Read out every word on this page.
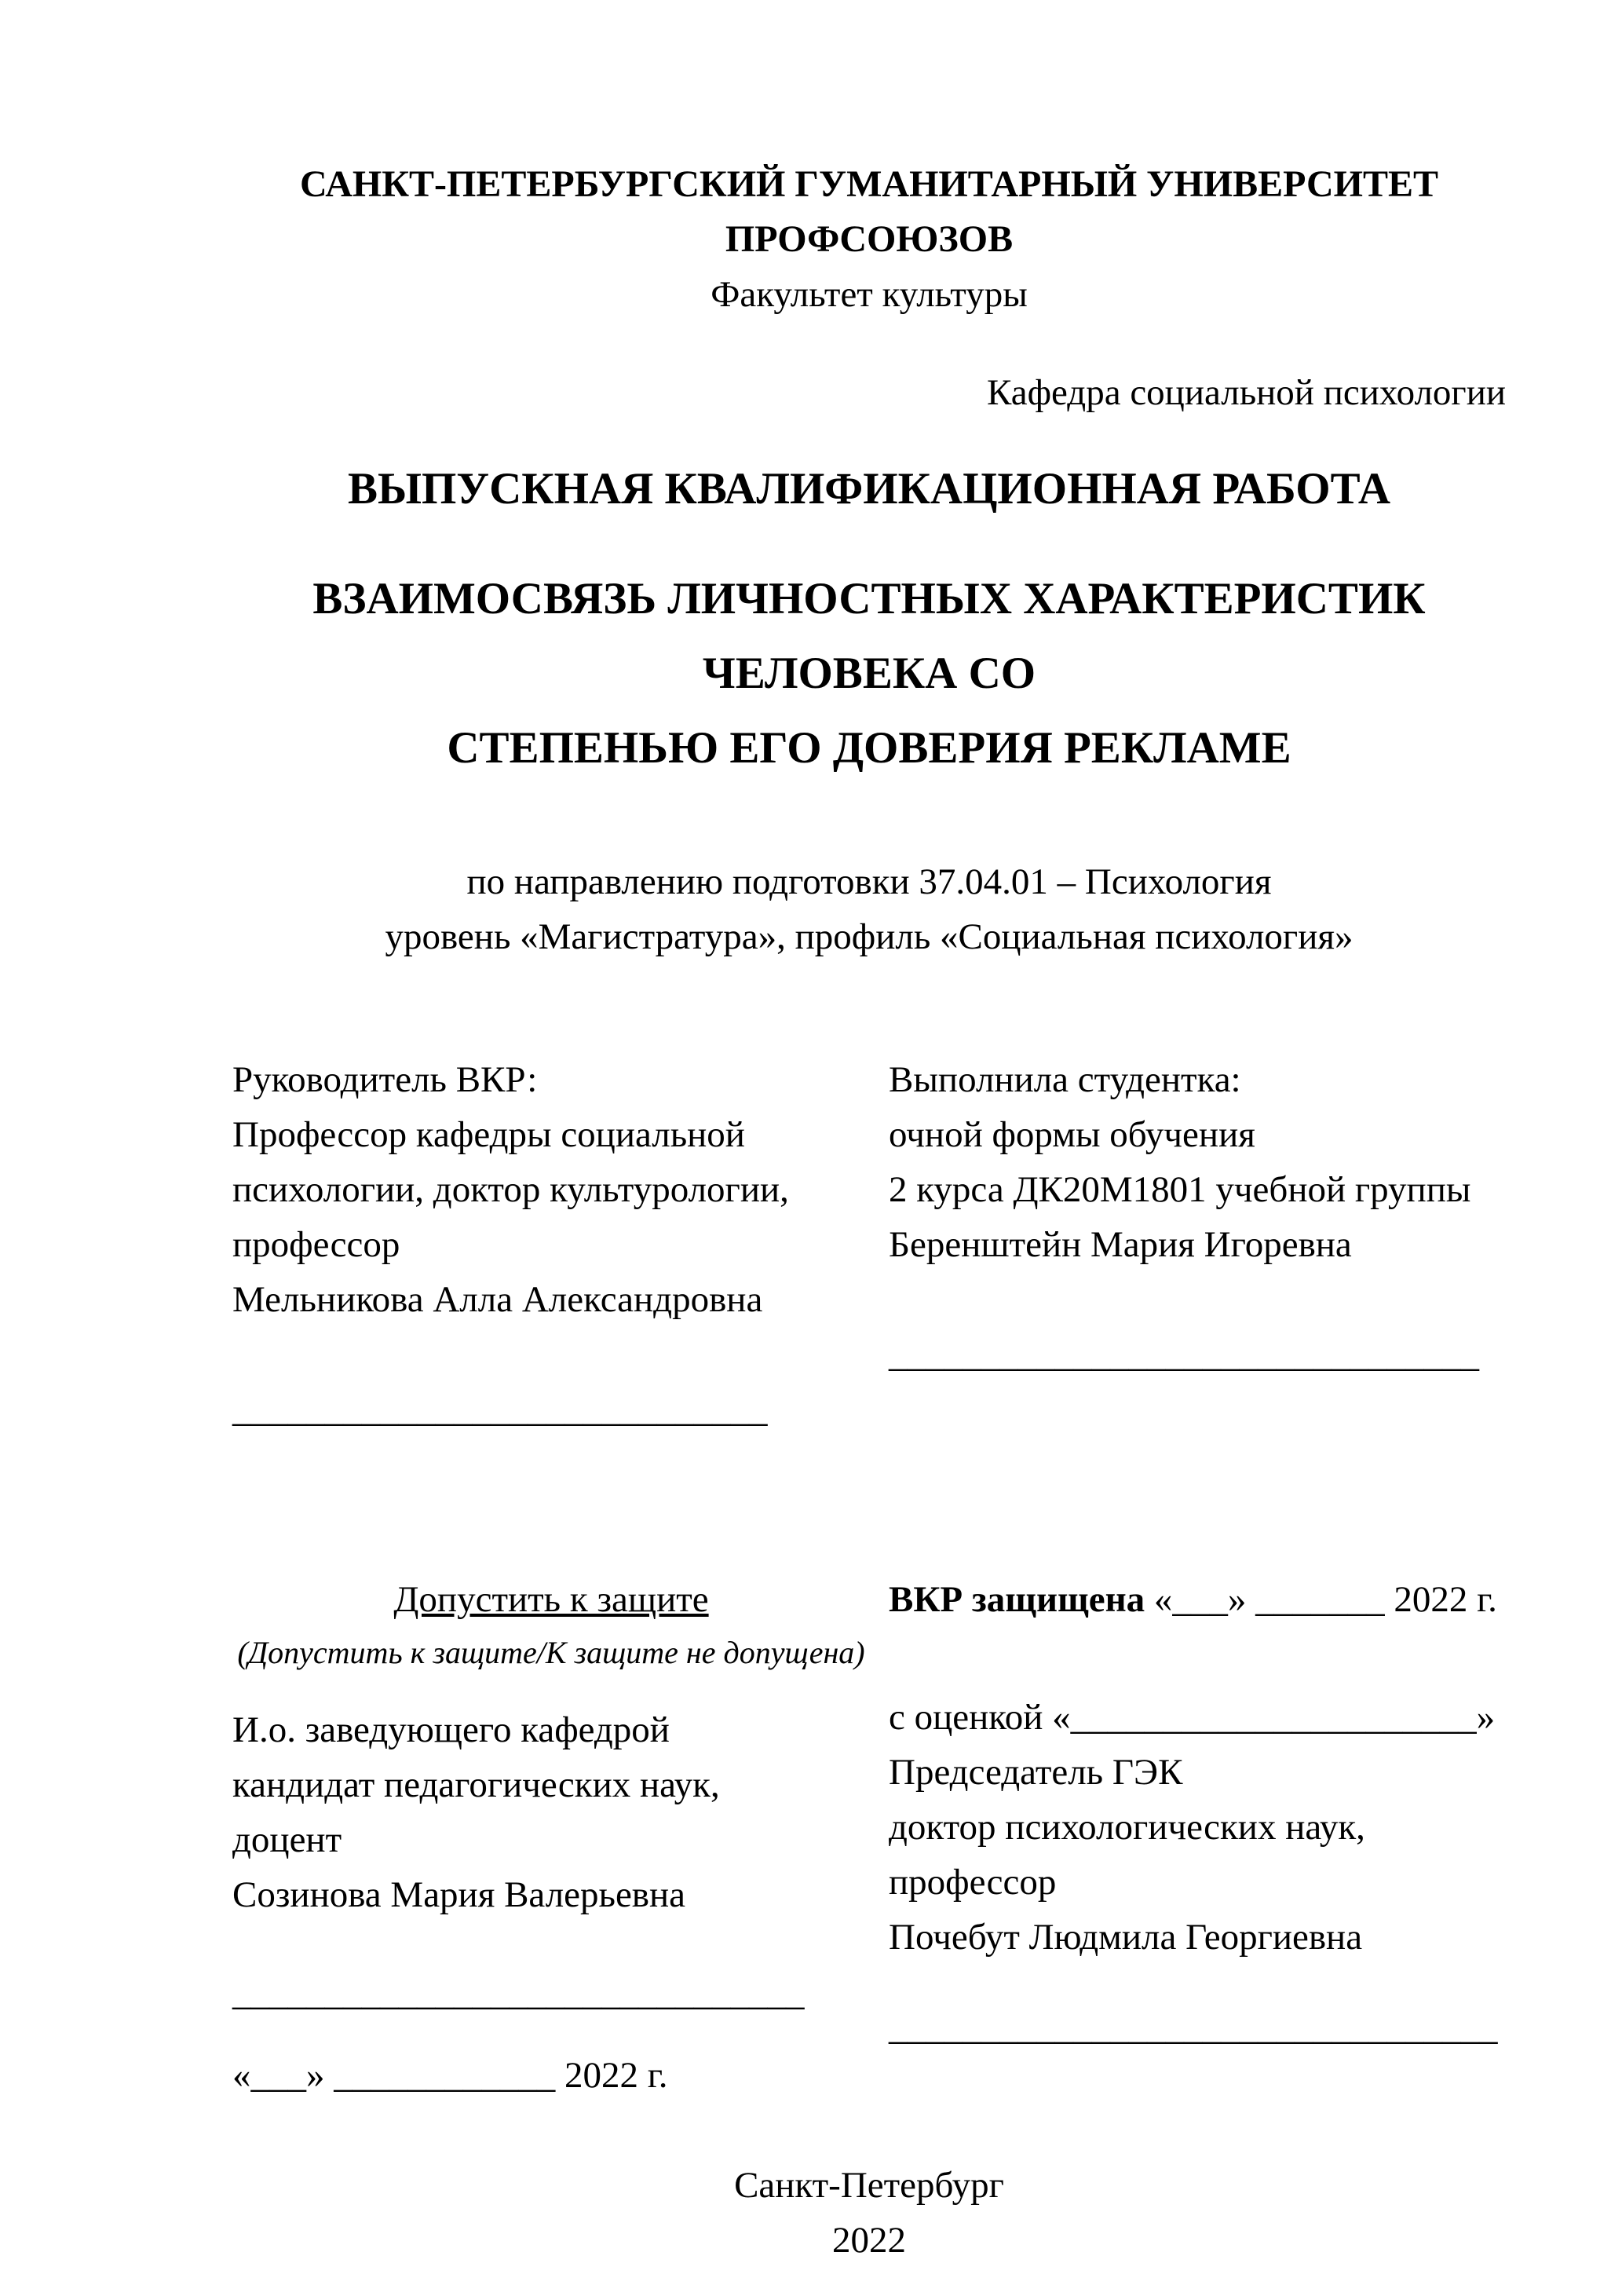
САНКТ-ПЕТЕРБУРГСКИЙ ГУМАНИТАРНЫЙ УНИВЕРСИТЕТ ПРОФСОЮЗОВ
Факультет культуры
Кафедра социальной психологии
ВЫПУСКНАЯ КВАЛИФИКАЦИОННАЯ РАБОТА
ВЗАИМОСВЯЗЬ ЛИЧНОСТНЫХ ХАРАКТЕРИСТИК ЧЕЛОВЕКА СО
СТЕПЕНЬЮ ЕГО ДОВЕРИЯ РЕКЛАМЕ
по направлению подготовки 37.04.01 – Психология
уровень «Магистратура», профиль «Социальная психология»
Руководитель ВКР:
Профессор кафедры социальной
психологии, доктор культурологии,
профессор
Мельникова Алла Александровна
_____________________________
Выполнила студентка:
очной формы обучения
2 курса ДК20М1801 учебной группы
Беренштейн Мария Игоревна
________________________________
Допустить к защите
(Допустить к защите/К защите не допущена)
И.о. заведующего кафедрой
кандидат педагогических наук,
доцент
Созинова Мария Валерьевна
_______________________________
«___» ____________ 2022 г.
ВКР защищена «___» _______ 2022 г.
с оценкой «______________________»
Председатель ГЭК
доктор психологических наук,
профессор
Почебут Людмила Георгиевна
_________________________________
Санкт-Петербург
2022
